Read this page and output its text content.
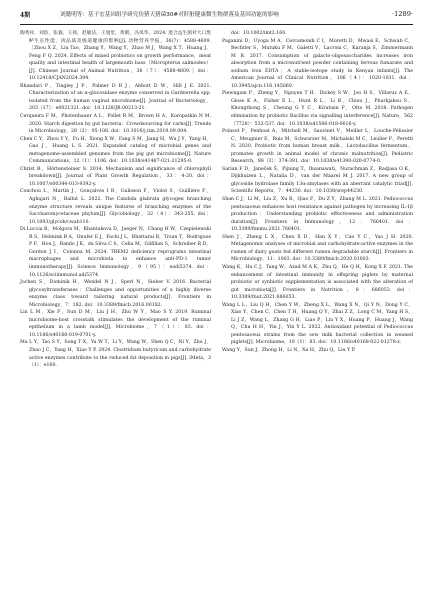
4期	刘懿明等：基于宏基因组学研究仿猪天猪菌30#对肝脏健康微生物群落及基因功能的影响	·1289·

陶秀祥，刘浩，张毅，王扬，赵敏洁，王旭堂，黄鹤，冯凤华，2024. 混合益生菌对大口黑鲈生长性能、肉品质及肠道健康的影响[J]. 动物营养学报，36(7)：4588-4609.［Zhou X Z，Liu Tao，Zhang Y，Wang Y，Zhao M J，Wang X T，Huang J，Feng F Q. 2024. Effects of mixed probiotics on growth performance，meat quality and intestinal health of largemouth bass（Micropterus salmoides）[J]. Chinese Journal of Animal Nutrition，36（7）：4588-4609.］doi：10.12418/CJAN2024.394.

Bhandari P，Tingley J P，Palmer D R J，Abbott D W，Hill J E. 2021. Characterization of an α-glucosidase enzyme conserved in Gardnerella spp. isolated from the human vaginal microbiome[J]. Journal of Bacteriology，203（17）：e0021321. doi：10.1128/JB.00213-21.

Cerqueira F M，Photenhauer A L，Pollet R M，Brown H A，Koropatkin N M. 2020. Starch digestion by gut bacteria：Crowdsourcing for carbs[J]. Trends in Microbiology，28（2）：95-108. doi：10.1016/j.tim.2019.09.004.

Chen C Y，Zhou Y Y，Fu H，Xiong X W，Fang S M，Jiang H，Wu J Y，Yang H，Gao J，Huang L S. 2021. Expanded catalog of microbial genes and metagenome-assembled genomes from the pig gut microbiome[J]. Nature Communications，12（1）：1106. doi：10.1038/s41467-021-21295-0.

Christ B，Hörtensteiner S. 2014. Mechanism and significance of chlorophyll breakdown[J]. Journal of Plant Growth Regulation，33：4-20. doi：10.1007/s00344-013-9392-y.

Conchou L，Martin J，Gonçalves I R，Galisson F，Violot S，Guillière F，Aghajari N，Ballut L. 2022. The Candida glabrata glycogen branching enzyme structure reveals unique features of branching enzymes of the Saccharomycetaceae phylum[J]. Glycobiology，32（4）：343-355. doi：10.1093/glycob/cwab110.

Di Luccia B，Molgora M，Khantakova D，Jaeger N，Chang H W，Czepielewski R S，Helmink B A，Onufer E J，Fachi J L，Bhattarai B，Trsan T，Rodrigues P F，Hou J，Bando J K，da Silva C S，Cella M，Gilfillan S，Schreiber R D，Gordon J I，Colonna M. 2024. TREM2 deficiency reprograms intestinal macrophages and microbiota to enhance anti-PD-1 tumor immunotherapy[J]. Science Immunology，9（95）：eadi5374. doi：10.1126/sciimmunol.adi5374.

Jochen S，Dominik H，Wendel N J，Sperl N，Sieber V. 2016. Bacterial glycosyltransferases：Challenges and opportunities of a highly diverse enzyme class toward tailoring natural products[J]. Frontiers in Microbiology，7：182. doi：10.3389/fmicb.2016.00182.

Lin L M，Xie F，Sun D M，Liu J H，Zhu W Y，Mao S Y. 2019. Ruminal microbiome-host crosstalk stimulates the development of the ruminal epithelium in a lamb model[J]. Microbiome，7（1）：83. doi：10.1186/s40168-019-0701-y.

Ma L Y，Tao S Y，Song T X，Yu W T，Li Y，Wang W，Shen Q C，Ni Y，Zhu J，Zhao J C，Yang H，Xiao Y P. 2024. Clostridium butyricum and carbohydrate active enzymes contribute to the reduced fat deposition in pigs[J]. iMeta，3（1）：e160.

doi：10.1002/imt2.160.

Paganini D，Uyoga M A，Cercamondi C I，Moretti D，Mwasi E，Schwab C，Bechtler S，Mutuku F M，Galetti V，Lacroix C，Karanja S，Zimmermann M B. 2017. Consumption of galacto-oligosaccharides increases iron absorption from a micronutrient powder containing ferrous fumarate and sodium iron EDTA：A stable-isotope study in Kenyan infants[J]. The American Journal of Clinical Nutrition，106（4）：1020-1031. doi：10.3945/ajcn.116.145060.

Piewngam P，Zheng Y，Nguyen T H，Dickey S W，Joo H S，Villaruz A E，Glose K A，Fisher E L，Hunt R L，Li B，Chiou J，Pharkjaksu S，Khongthong S，Cheung G Y C，Kiratisin P，Otto M. 2018. Pathogen elimination by probiotic Bacillus via signalling interference[J]. Nature，562（7728）：532-537. doi：10.1038/s41586-018-0616-y.

Poinsot P，Penhoat A，Mitchell M，Sauvinet V，Meiller L，Louche-Pélissier C，Meugnier E，Ruiz M，Schwarzer M，Michalski M C，Leulier F，Peretti N. 2020. Probiotic from human breast milk，Lactobacillus fermentum，promotes growth in animal model of chronic malnutrition[J]. Pediatric Research，88（3）：374-381. doi：10.1038/s41390-020-0774-0.

Sarian F D，Janeček Š，Pijning T，Ihsanawati，Nurachman Z，Radjasa O K，Dijkhuizen L，Natalia D，van der Maarel M J. 2017. A new group of glycoside hydrolase family 13α-amylases with an aberrant catalytic triad[J]. Scientific Reports，7：44230. doi：10.1038/srep44230.

Shan C J，Li M，Liu Z，Xu R，Qiao F，Du Z Y，Zhang M L. 2021. Pediococcus pentosaceus enhances host resistance against pathogen by increasing IL-1β production：Understanding probiotic effectiveness and administration duration[J]. Frontiers in Immunology，12：766401. doi：10.3389/fimmu.2021.766401.

Shen J，Zheng L X，Chen X D，Han X Y，Cao Y C，Yao J H. 2020. Metagenomic analyses of microbial and carbohydrate-active enzymes in the rumen of dairy goats fed different rumen degradable starch[J]. Frontiers in Microbiology，11：1003. doi：10.3389/fmicb.2020.01003.

Wang K，Hu C J，Tang W，Azad M A K，Zhu Q，He Q H，Kong X F. 2021. The enhancement of intestinal immunity in offspring piglets by maternal probiotic or synbiotic supplementation is associated with the alteration of gut microbiota[J]. Frontiers in Nutrition，8：686053. doi：10.3389/fnut.2021.686053.

Wang L L，Liu Q H，Chen Y W，Zheng X L，Wang X N，Qi Y N，Dong Y C，Xiao Y，Chen C，Chen T H，Huang Q Y，Zhai Z Z，Long C M，Yang H S，Li J Z，Wang L，Zhang G H，Liao P，Liu Y X，Huang P，Huang J，Wang Q，Chu H H，Yin J，Yin Y L. 2022. Antioxidant potential of Pediococcus pentosaceus strains from the sow milk bacterial collection in weaned piglets[J]. Microbiome，10（1）：83. doi：10.1186/s40168-022-01278-z.

Wang Y，Sun J，Zhong H，Li N，Xu H，Zhu Q，Liu Y P.
